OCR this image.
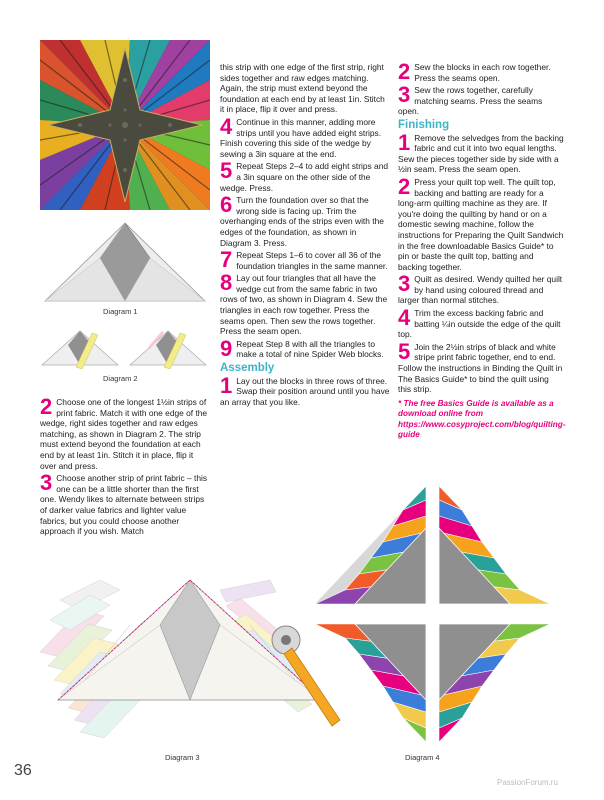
Diagram 1
Diagram 2
2 Choose one of the longest 1½in strips of print fabric. Match it with one edge of the wedge, right sides together and raw edges matching, as shown in Diagram 2. The strip must extend beyond the foundation at each end by at least 1in. Stitch it in place, flip it over and press.
3 Choose another strip of print fabric – this one can be a little shorter than the first one. Wendy likes to alternate between strips of darker value fabrics and lighter value fabrics, but you could choose another approach if you wish. Match
this strip with one edge of the first strip, right sides together and raw edges matching. Again, the strip must extend beyond the foundation at each end by at least 1in. Stitch it in place, flip it over and press.
4 Continue in this manner, adding more strips until you have added eight strips. Finish covering this side of the wedge by sewing a 3in square at the end.
5 Repeat Steps 2–4 to add eight strips and a 3in square on the other side of the wedge. Press.
6 Turn the foundation over so that the wrong side is facing up. Trim the overhanging ends of the strips even with the edges of the foundation, as shown in Diagram 3. Press.
7 Repeat Steps 1–6 to cover all 36 of the foundation triangles in the same manner.
8 Lay out four triangles that all have the wedge cut from the same fabric in two rows of two, as shown in Diagram 4. Sew the triangles in each row together. Press the seams open. Then sew the rows together. Press the seam open.
9 Repeat Step 8 with all the triangles to make a total of nine Spider Web blocks.
Assembly
1 Lay out the blocks in three rows of three. Swap their position around until you have an array that you like.
2 Sew the blocks in each row together. Press the seams open.
3 Sew the rows together, carefully matching seams. Press the seams open.
Finishing
1 Remove the selvedges from the backing fabric and cut it into two equal lengths. Sew the pieces together side by side with a ½in seam. Press the seam open.
2 Press your quilt top well. The quilt top, backing and batting are ready for a long-arm quilting machine as they are. If you're doing the quilting by hand or on a domestic sewing machine, follow the instructions for Preparing the Quilt Sandwich in the free downloadable Basics Guide* to pin or baste the quilt top, batting and backing together.
3 Quilt as desired. Wendy quilted her quilt by hand using coloured thread and larger than normal stitches.
4 Trim the excess backing fabric and batting ¼in outside the edge of the quilt top.
5 Join the 2½in strips of black and white stripe print fabric together, end to end. Follow the instructions in Binding the Quilt in The Basics Guide* to bind the quilt using this strip.
* The free Basics Guide is available as a download online from https://www.cosyproject.com/blog/quilting-guide
Diagram 3	Diagram 4
36
PassionForum.ru
